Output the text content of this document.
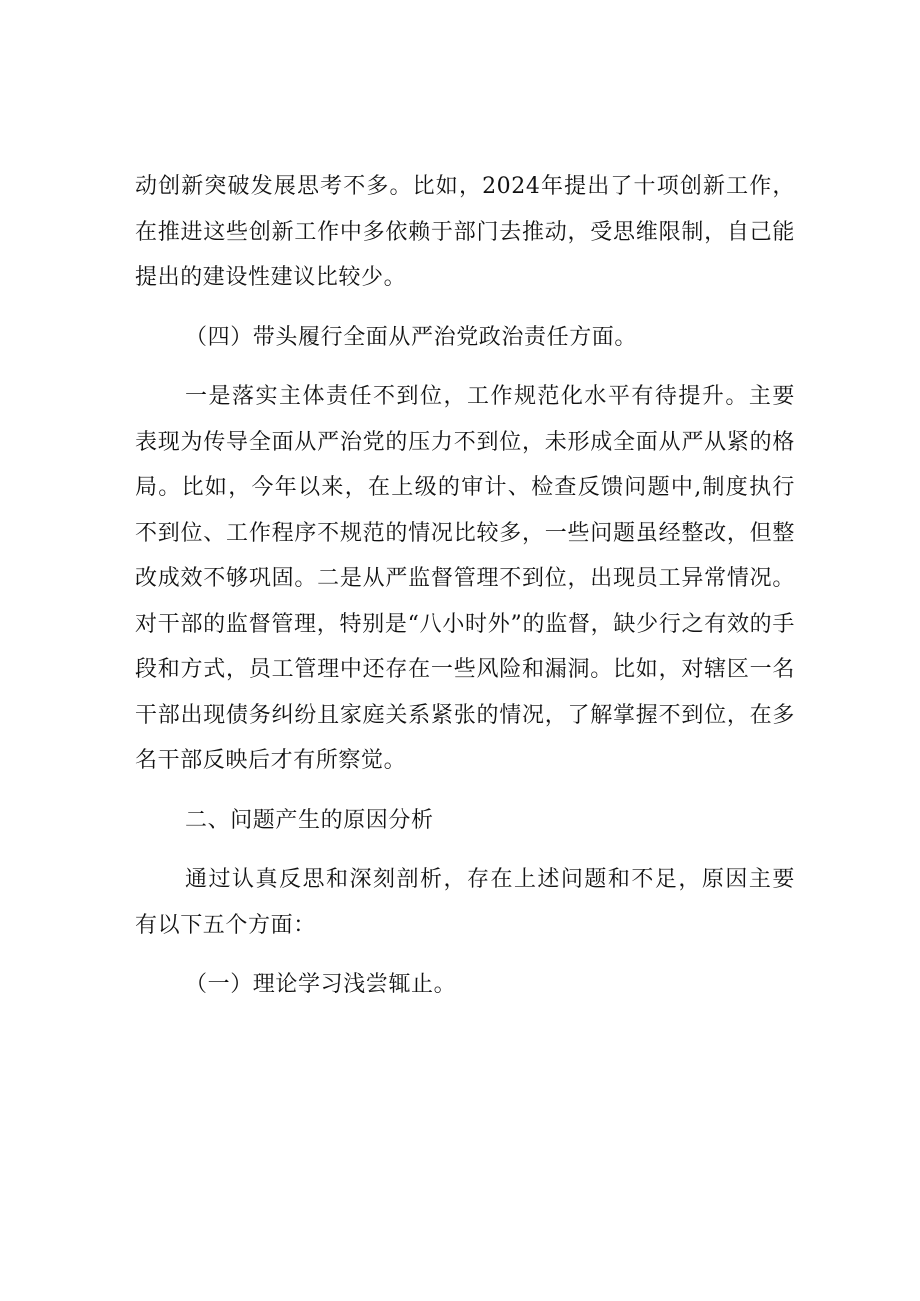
动创新突破发展思考不多。比如，2024年提出了十项创新工作，在推进这些创新工作中多依赖于部门去推动，受思维限制，自己能提出的建设性建议比较少。

（四）带头履行全面从严治党政治责任方面。

一是落实主体责任不到位，工作规范化水平有待提升。主要表现为传导全面从严治党的压力不到位，未形成全面从严从紧的格局。比如，今年以来，在上级的审计、检查反馈问题中,制度执行不到位、工作程序不规范的情况比较多，一些问题虽经整改，但整改成效不够巩固。二是从严监督管理不到位，出现员工异常情况。对干部的监督管理，特别是“八小时外”的监督，缺少行之有效的手段和方式，员工管理中还存在一些风险和漏洞。比如，对辖区一名干部出现债务纠纷且家庭关系紧张的情况，了解掌握不到位，在多名干部反映后才有所察觉。

二、问题产生的原因分析

通过认真反思和深刻剖析，存在上述问题和不足，原因主要有以下五个方面：

（一）理论学习浅尝辄止。
